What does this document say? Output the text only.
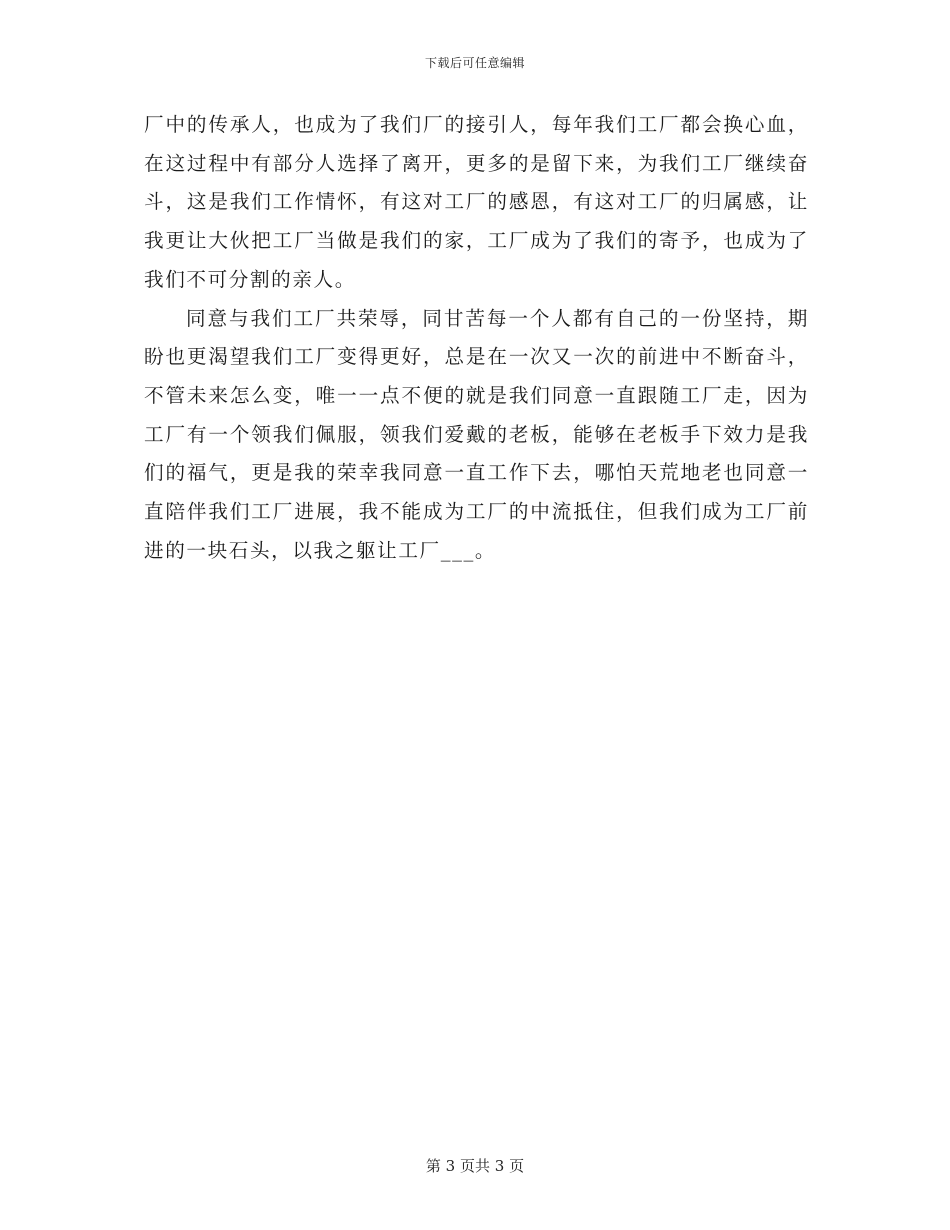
下载后可任意编辑

厂中的传承人，也成为了我们厂的接引人，每年我们工厂都会换心血，在这过程中有部分人选择了离开，更多的是留下来，为我们工厂继续奋斗，这是我们工作情怀，有这对工厂的感恩，有这对工厂的归属感，让我更让大伙把工厂当做是我们的家，工厂成为了我们的寄予，也成为了我们不可分割的亲人。

同意与我们工厂共荣辱，同甘苦每一个人都有自己的一份坚持，期盼也更渴望我们工厂变得更好，总是在一次又一次的前进中不断奋斗，不管未来怎么变，唯一一点不便的就是我们同意一直跟随工厂走，因为工厂有一个领我们佩服，领我们爱戴的老板，能够在老板手下效力是我们的福气，更是我的荣幸我同意一直工作下去，哪怕天荒地老也同意一直陪伴我们工厂进展，我不能成为工厂的中流抵住，但我们成为工厂前进的一块石头，以我之躯让工厂___。

第 3 页共 3 页
